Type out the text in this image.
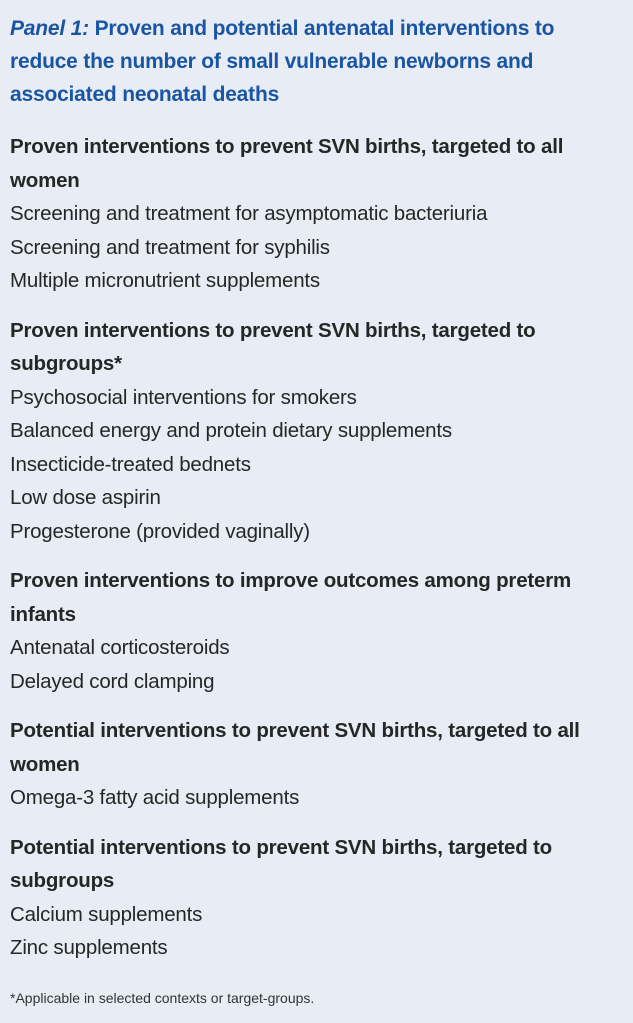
Panel 1: Proven and potential antenatal interventions to reduce the number of small vulnerable newborns and associated neonatal deaths
Proven interventions to prevent SVN births, targeted to all women
Screening and treatment for asymptomatic bacteriuria
Screening and treatment for syphilis
Multiple micronutrient supplements
Proven interventions to prevent SVN births, targeted to subgroups*
Psychosocial interventions for smokers
Balanced energy and protein dietary supplements
Insecticide-treated bednets
Low dose aspirin
Progesterone (provided vaginally)
Proven interventions to improve outcomes among preterm infants
Antenatal corticosteroids
Delayed cord clamping
Potential interventions to prevent SVN births, targeted to all women
Omega-3 fatty acid supplements
Potential interventions to prevent SVN births, targeted to subgroups
Calcium supplements
Zinc supplements

*Applicable in selected contexts or target-groups.
